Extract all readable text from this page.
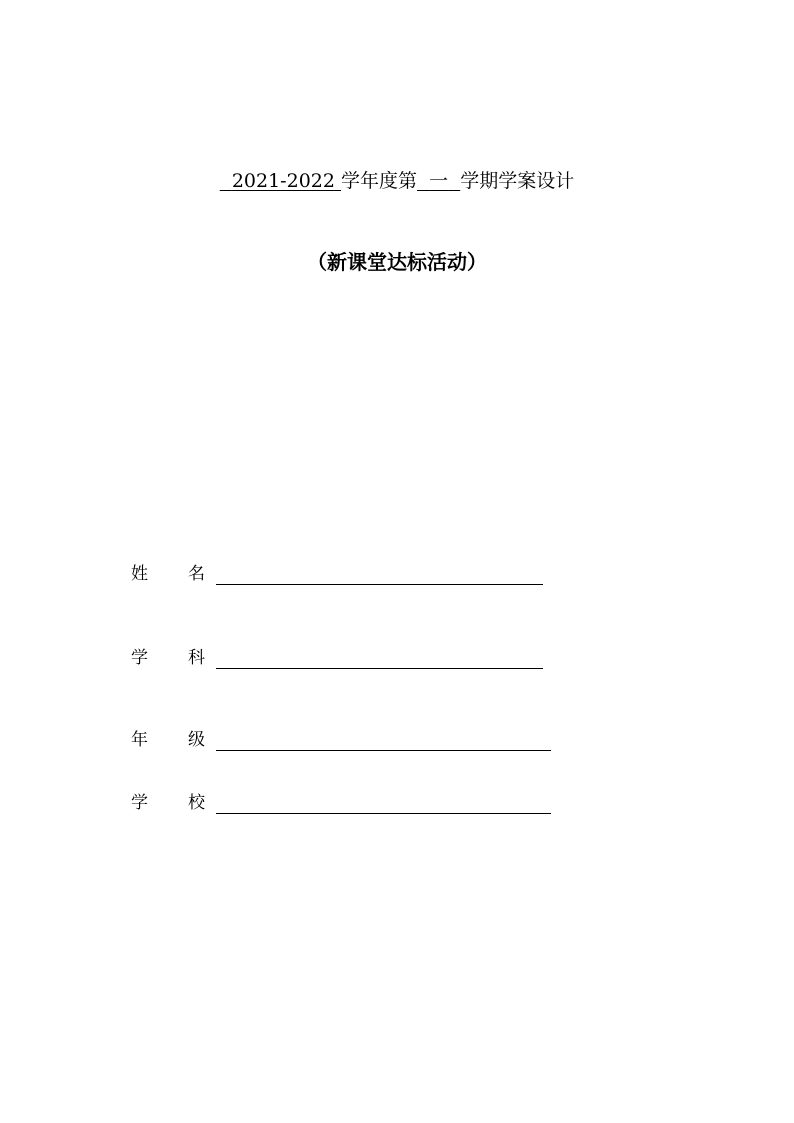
2021-2022 学年度第 一 学期学案设计
（新课堂达标活动）
姓 名
学 科
年 级
学 校
